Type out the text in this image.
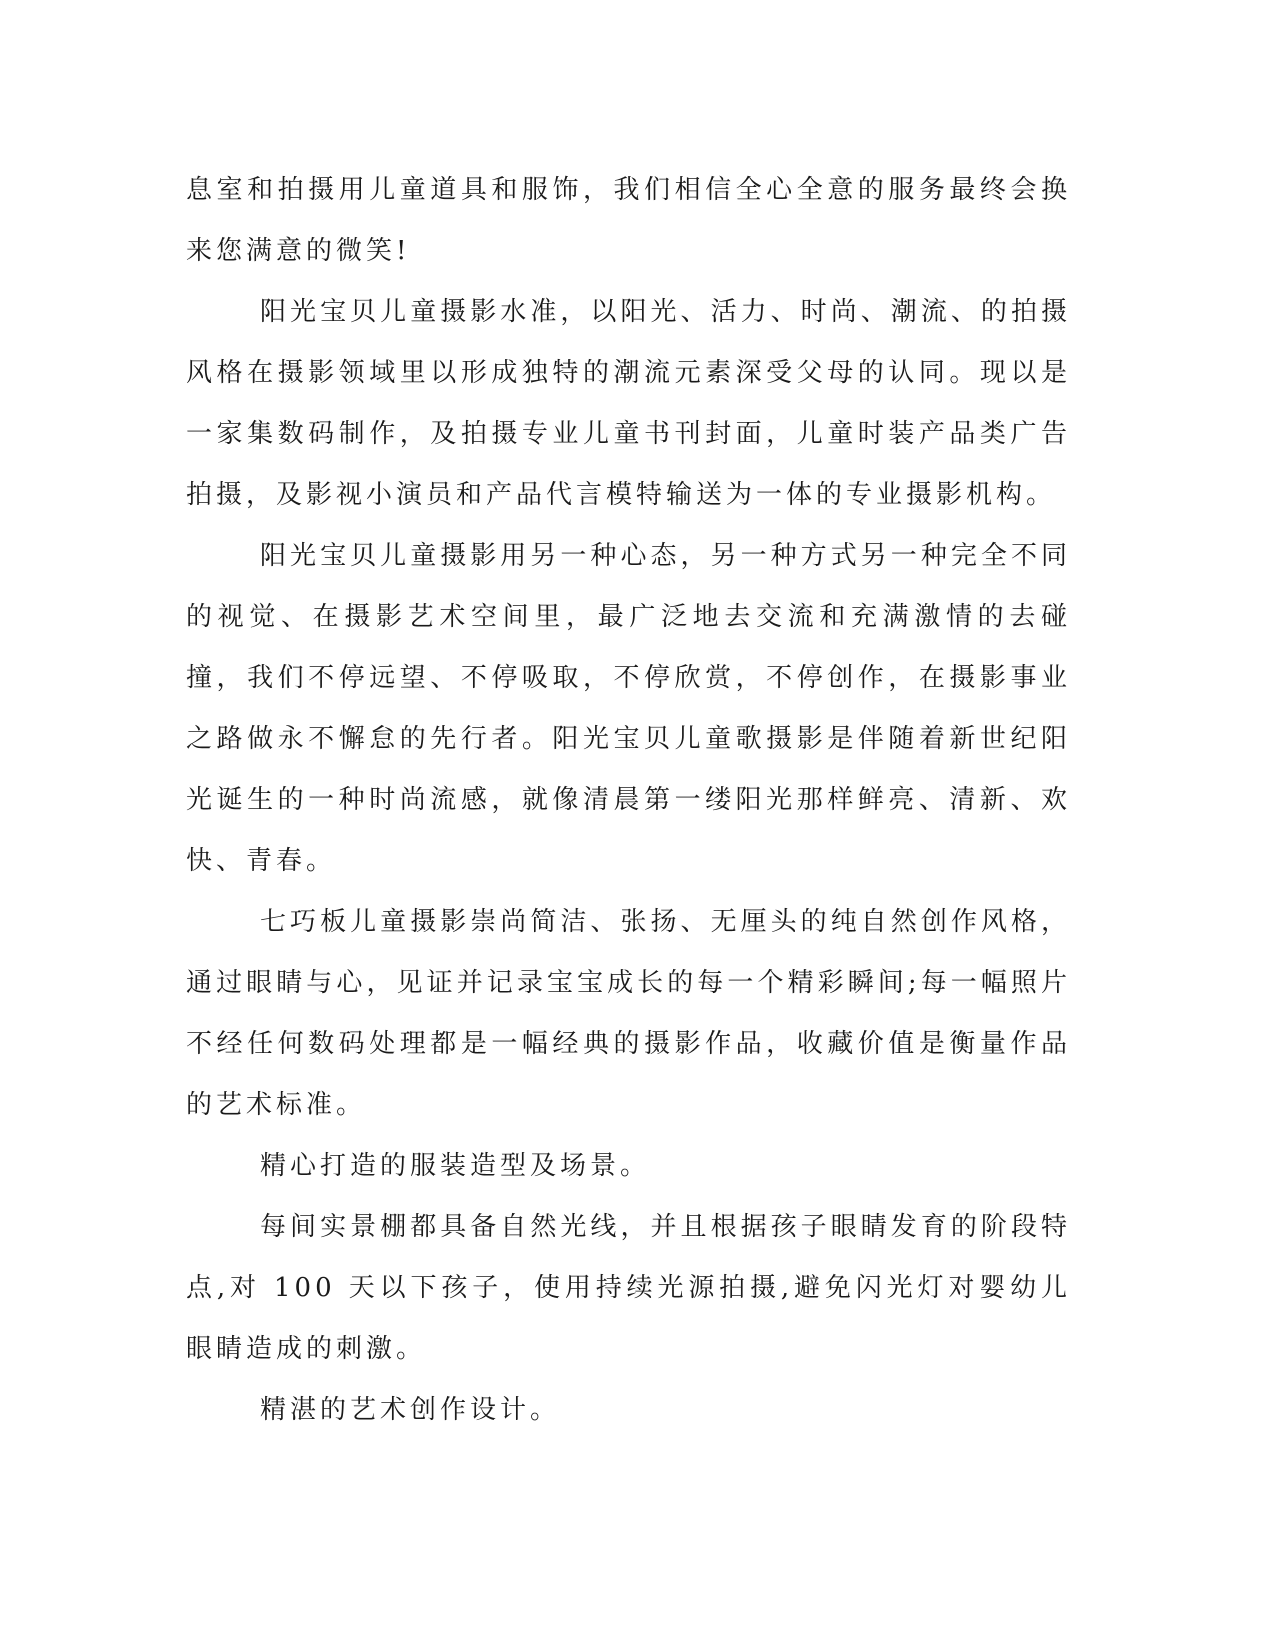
息室和拍摄用儿童道具和服饰，我们相信全心全意的服务最终会换来您满意的微笑!

阳光宝贝儿童摄影水准，以阳光、活力、时尚、潮流、的拍摄风格在摄影领域里以形成独特的潮流元素深受父母的认同。现以是一家集数码制作，及拍摄专业儿童书刊封面，儿童时装产品类广告拍摄，及影视小演员和产品代言模特输送为一体的专业摄影机构。

阳光宝贝儿童摄影用另一种心态，另一种方式另一种完全不同的视觉、在摄影艺术空间里，最广泛地去交流和充满激情的去碰撞，我们不停远望、不停吸取，不停欣赏，不停创作，在摄影事业之路做永不懈怠的先行者。阳光宝贝儿童歌摄影是伴随着新世纪阳光诞生的一种时尚流感，就像清晨第一缕阳光那样鲜亮、清新、欢快、青春。

七巧板儿童摄影崇尚简洁、张扬、无厘头的纯自然创作风格，通过眼睛与心，见证并记录宝宝成长的每一个精彩瞬间;每一幅照片不经任何数码处理都是一幅经典的摄影作品，收藏价值是衡量作品的艺术标准。

精心打造的服装造型及场景。

每间实景棚都具备自然光线，并且根据孩子眼睛发育的阶段特点,对 100 天以下孩子，使用持续光源拍摄,避免闪光灯对婴幼儿眼睛造成的刺激。

精湛的艺术创作设计。
